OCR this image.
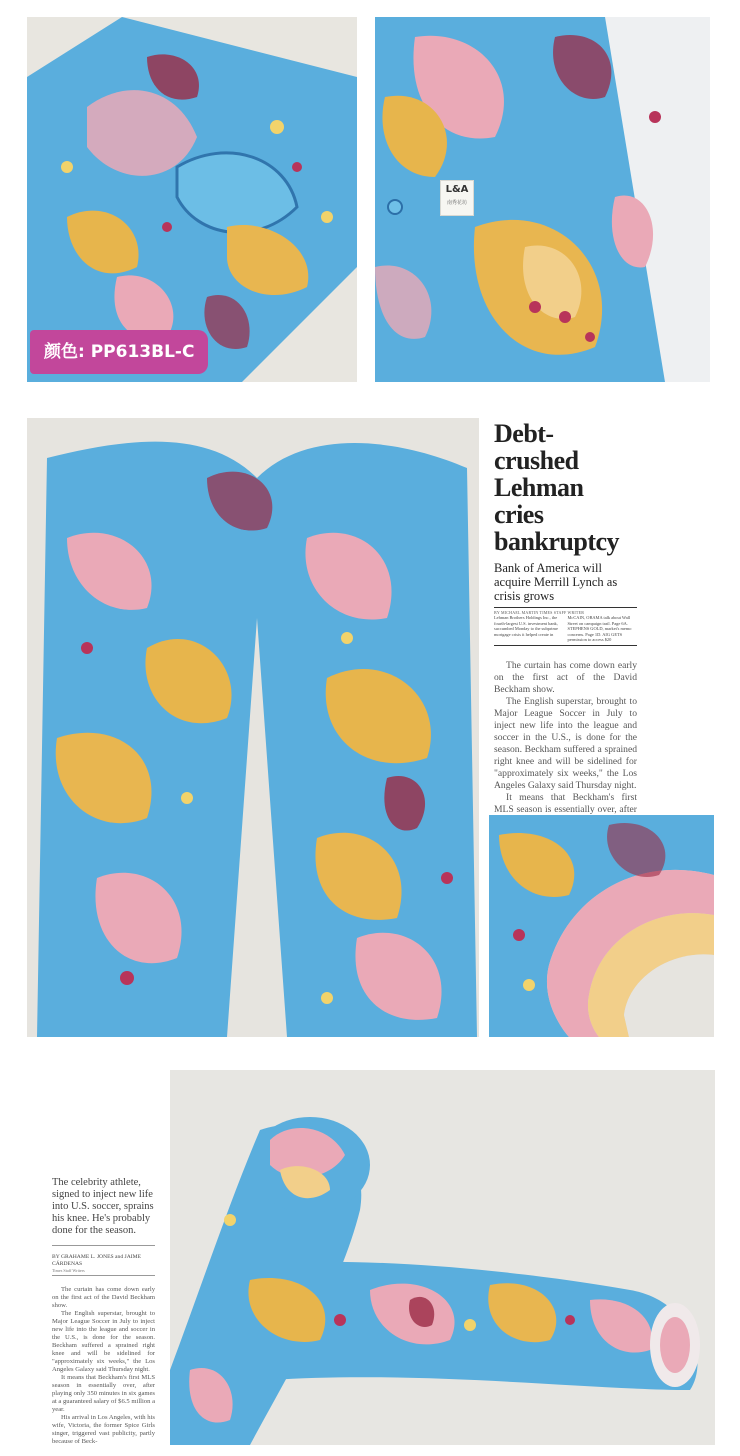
颜色: PP613BL-C
L&A
南秀花坊
Debt-crushed Lehman cries bankruptcy
Bank of America will acquire Merrill Lynch as crisis grows
BY MICHAEL MARTIN TIMES STAFF WRITER
Lehman Brothers Holdings Inc., the fourth-largest U.S. investment bank, succumbed Monday to the subprime mortgage crisis it helped create in
McCAIN, OBAMA talk about Wall Street on campaign trail. Page 6A. STEPHENS GOLD, market's memo concerns. Page 1D. AIG GETS permission to access $20

The curtain has come down early on the first act of the David Beckham show.

The English superstar, brought to Major League Soccer in July to inject new life into the league and soccer in the U.S., is done for the season. Beckham suffered a sprained right knee and will be sidelined for "approximately six weeks," the Los Angeles Galaxy said Thursday night.

It means that Beckham's first MLS season is essentially over, after

The celebrity athlete, signed to inject new life into U.S. soccer, sprains his knee. He's probably done for the season.

BY GRAHAME L. JONES and JAIME CÁRDENAS
Times Staff Writers

The curtain has come down early on the first act of the David Beckham show.

The English superstar, brought to Major League Soccer in July to inject new life into the league and soccer in the U.S., is done for the season. Beckham suffered a sprained right knee and will be sidelined for "approximately six weeks," the Los Angeles Galaxy said Thursday night.

It means that Beckham's first MLS season in essentially over, after playing only 350 minutes in six games at a guaranteed salary of $6.5 million a year.

His arrival in Los Angeles, with his wife, Victoria, the former Spice Girls singer, triggered vast publicity, partly because of Beck-
